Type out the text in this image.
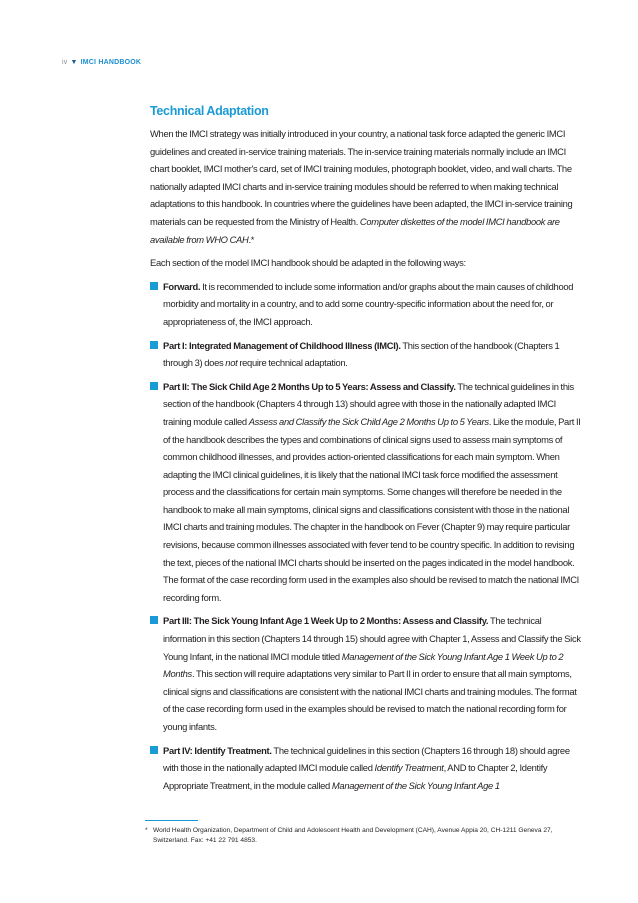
iv ▼ IMCI HANDBOOK
Technical Adaptation

When the IMCI strategy was initially introduced in your country, a national task force adapted the generic IMCI guidelines and created in-service training materials. The in-service training materials normally include an IMCI chart booklet, IMCI mother's card, set of IMCI training modules, photograph booklet, video, and wall charts. The nationally adapted IMCI charts and in-service training modules should be referred to when making technical adaptations to this handbook. In countries where the guidelines have been adapted, the IMCI in-service training materials can be requested from the Ministry of Health. Computer diskettes of the model IMCI handbook are available from WHO CAH.*

Each section of the model IMCI handbook should be adapted in the following ways:

Forward. It is recommended to include some information and/or graphs about the main causes of childhood morbidity and mortality in a country, and to add some country-specific information about the need for, or appropriateness of, the IMCI approach.
Part I: Integrated Management of Childhood Illness (IMCI). This section of the handbook (Chapters 1 through 3) does not require technical adaptation.
Part II: The Sick Child Age 2 Months Up to 5 Years: Assess and Classify. The technical guidelines in this section of the handbook (Chapters 4 through 13) should agree with those in the nationally adapted IMCI training module called Assess and Classify the Sick Child Age 2 Months Up to 5 Years. Like the module, Part II of the handbook describes the types and combinations of clinical signs used to assess main symptoms of common childhood illnesses, and provides action-oriented classifications for each main symptom. When adapting the IMCI clinical guidelines, it is likely that the national IMCI task force modified the assessment process and the classifications for certain main symptoms. Some changes will therefore be needed in the handbook to make all main symptoms, clinical signs and classifications consistent with those in the national IMCI charts and training modules. The chapter in the handbook on Fever (Chapter 9) may require particular revisions, because common illnesses associated with fever tend to be country specific. In addition to revising the text, pieces of the national IMCI charts should be inserted on the pages indicated in the model handbook. The format of the case recording form used in the examples also should be revised to match the national IMCI recording form.
Part III: The Sick Young Infant Age 1 Week Up to 2 Months: Assess and Classify. The technical information in this section (Chapters 14 through 15) should agree with Chapter 1, Assess and Classify the Sick Young Infant, in the national IMCI module titled Management of the Sick Young Infant Age 1 Week Up to 2 Months. This section will require adaptations very similar to Part II in order to ensure that all main symptoms, clinical signs and classifications are consistent with the national IMCI charts and training modules. The format of the case recording form used in the examples should be revised to match the national recording form for young infants.
Part IV: Identify Treatment. The technical guidelines in this section (Chapters 16 through 18) should agree with those in the nationally adapted IMCI module called Identify Treatment, AND to Chapter 2, Identify Appropriate Treatment, in the module called Management of the Sick Young Infant Age 1
* World Health Organization, Department of Child and Adolescent Health and Development (CAH), Avenue Appia 20, CH-1211 Geneva 27,
Switzerland. Fax: +41 22 791 4853.
